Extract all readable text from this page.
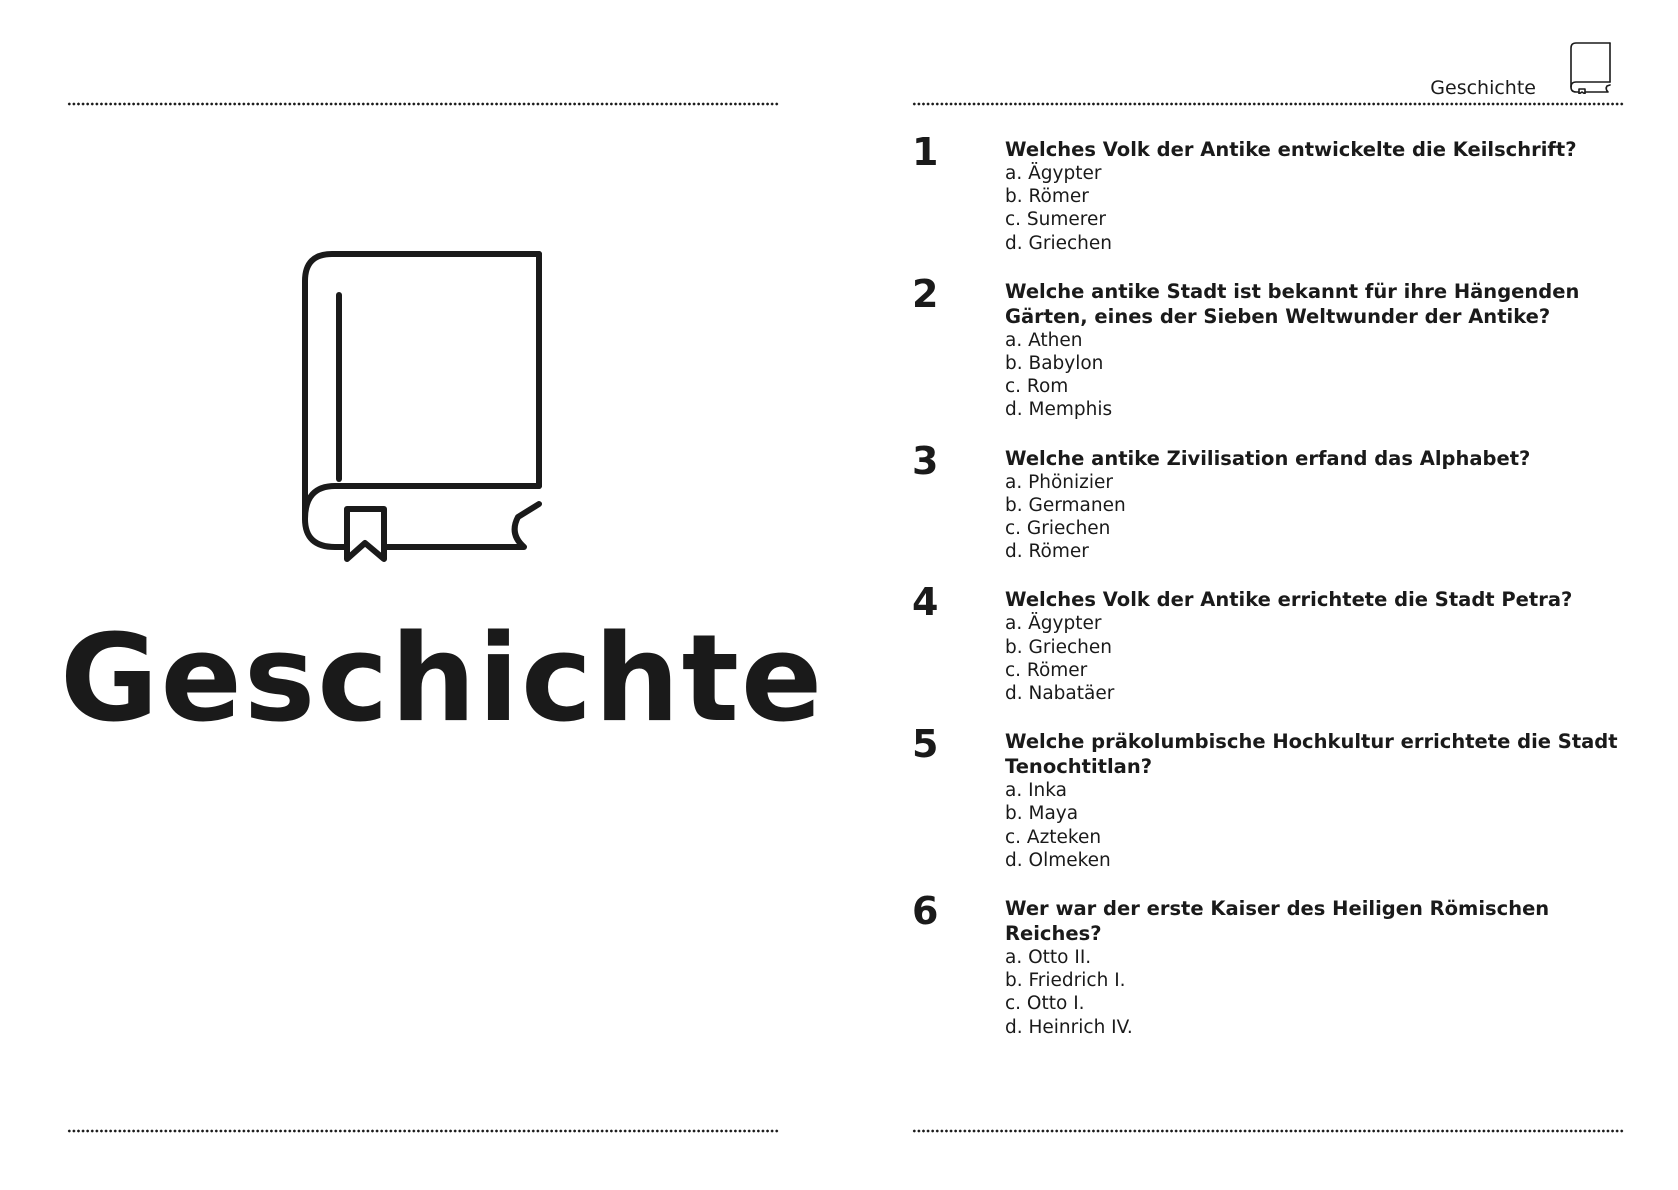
Geschichte
Geschichte
1	Welches Volk der Antike entwickelte die Keilschrift?
a. Ägypter
b. Römer
c. Sumerer
d. Griechen
2	Welche antike Stadt ist bekannt für ihre Hängenden Gärten, eines der Sieben Weltwunder der Antike?
a. Athen
b. Babylon
c. Rom
d. Memphis
3	Welche antike Zivilisation erfand das Alphabet?
a. Phönizier
b. Germanen
c. Griechen
d. Römer
4	Welches Volk der Antike errichtete die Stadt Petra?
a. Ägypter
b. Griechen
c. Römer
d. Nabatäer
5	Welche präkolumbische Hochkultur errichtete die Stadt Tenochtitlan?
a. Inka
b. Maya
c. Azteken
d. Olmeken
6	Wer war der erste Kaiser des Heiligen Römischen Reiches?
a. Otto II.
b. Friedrich I.
c. Otto I.
d. Heinrich IV.
